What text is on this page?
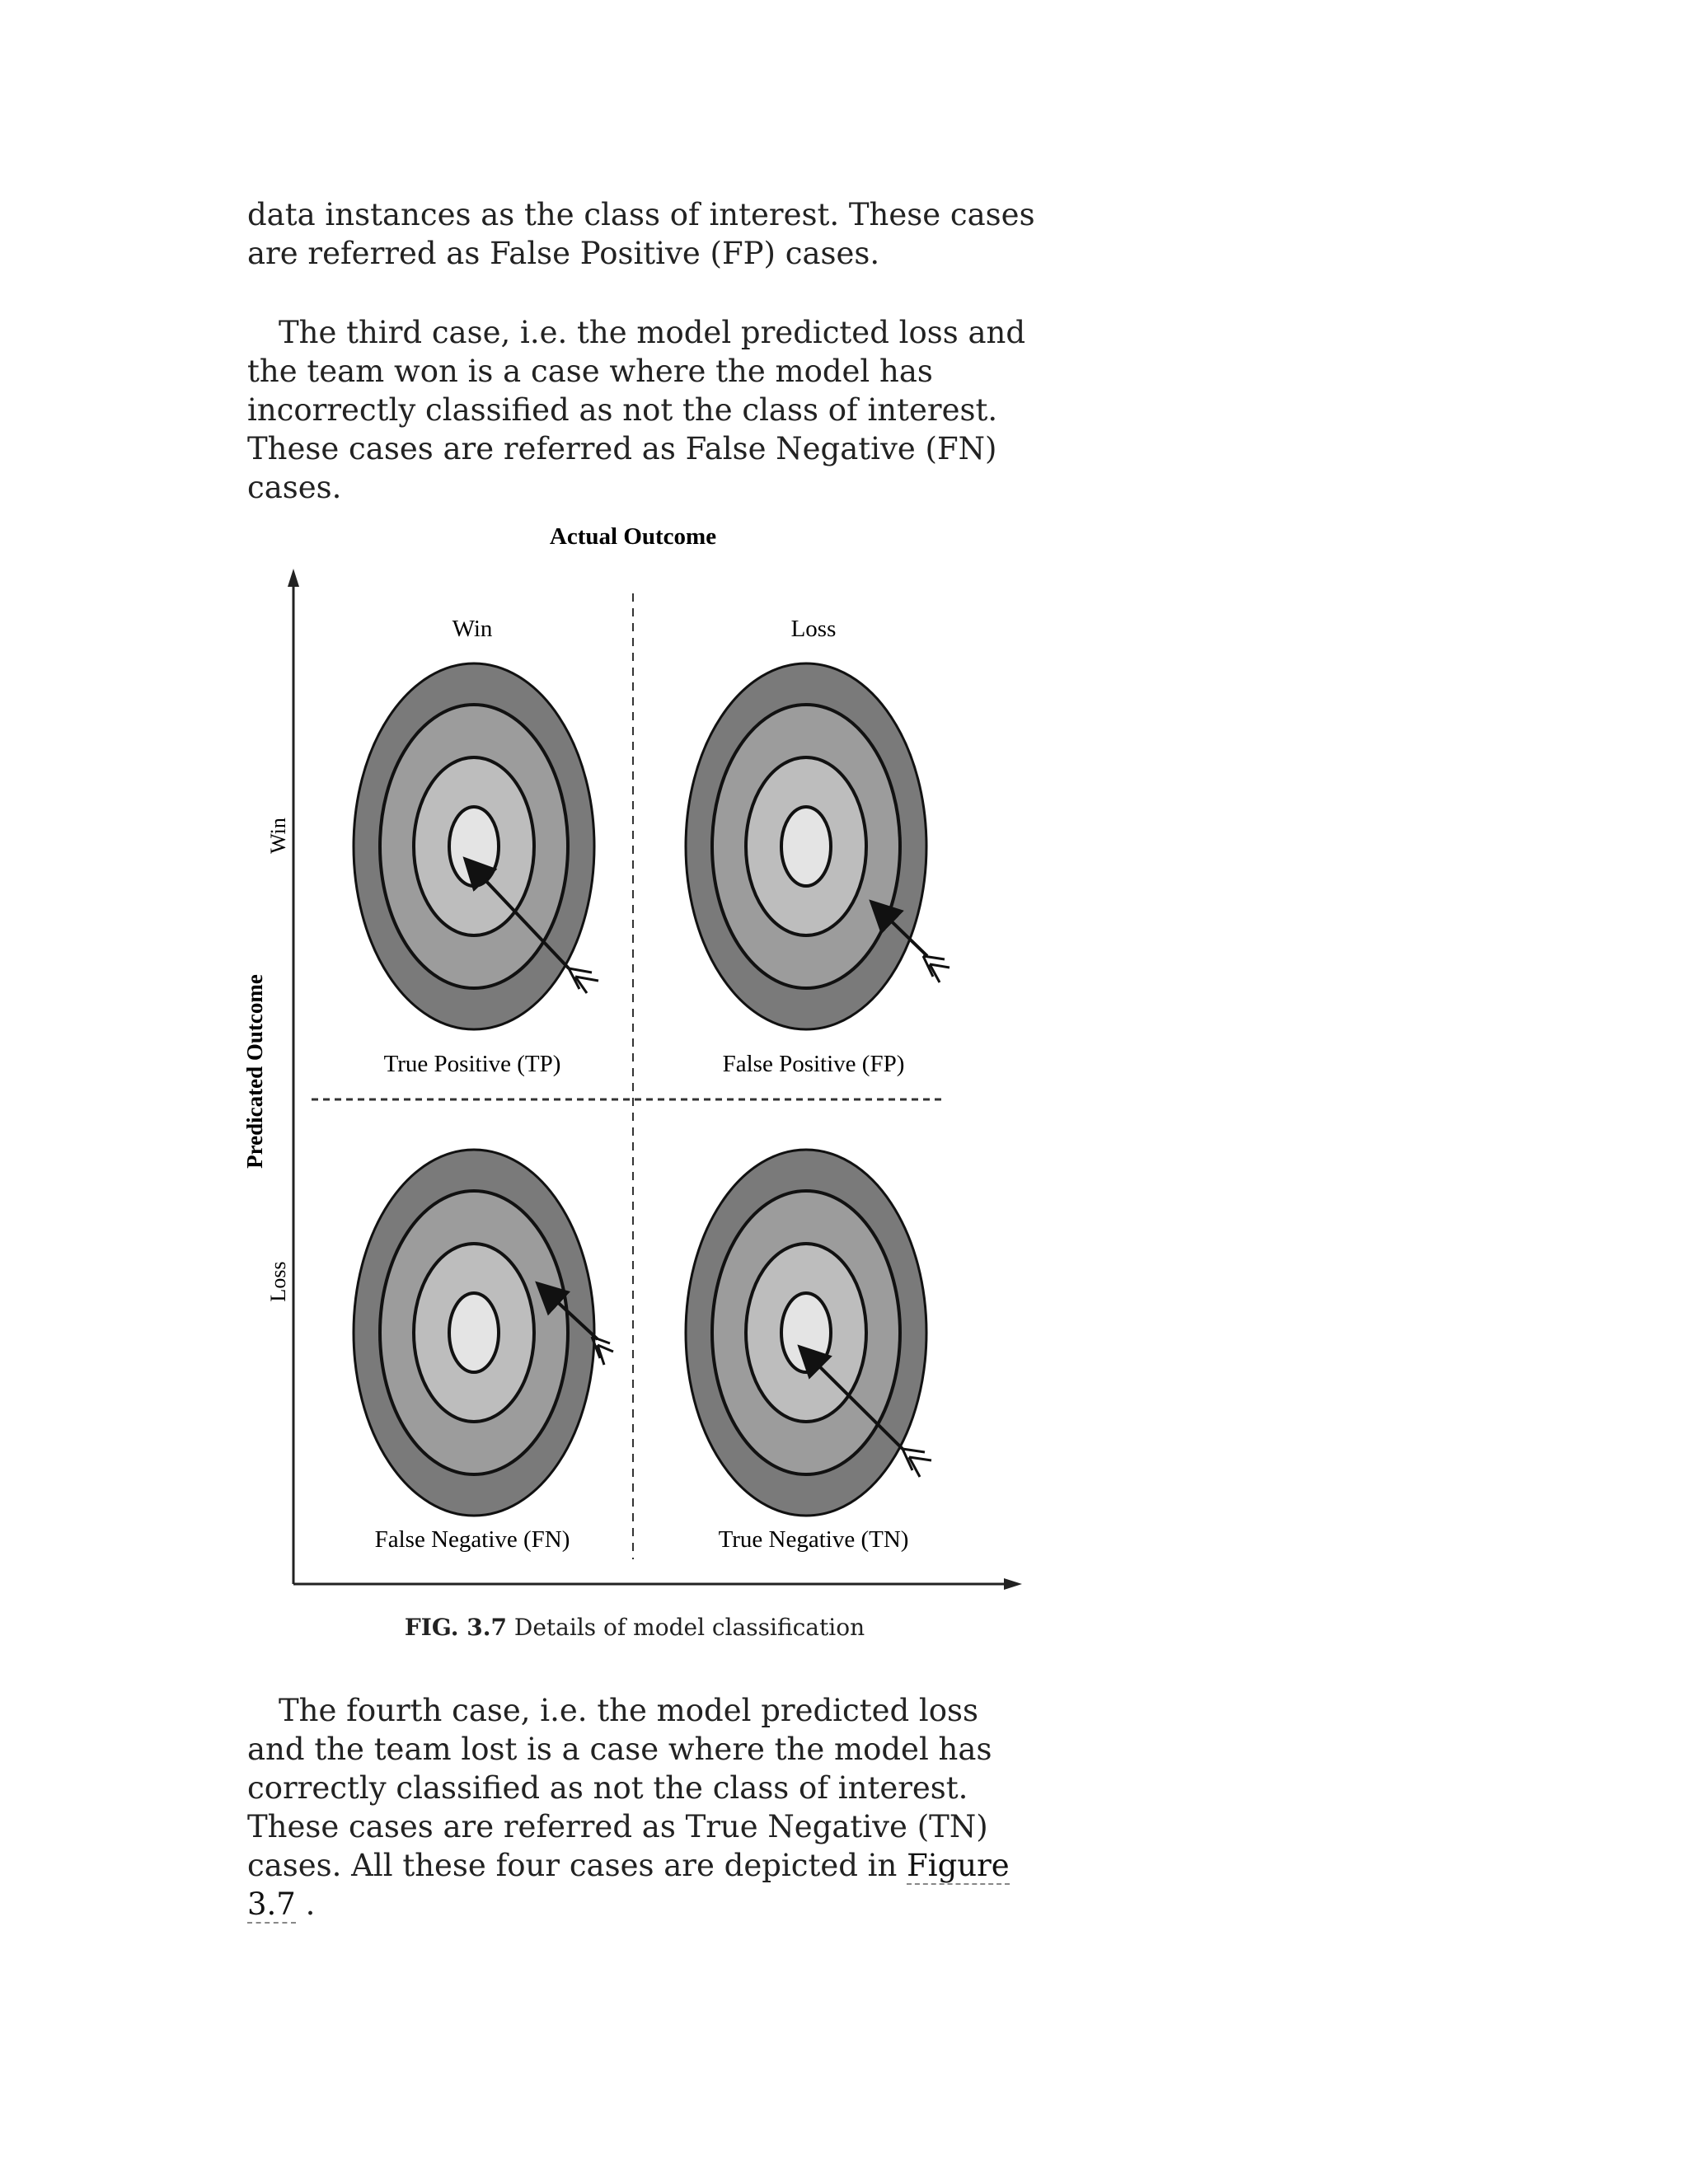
data instances as the class of interest. These cases are referred as False Positive (FP) cases.

The third case, i.e. the model predicted loss and the team won is a case where the model has incorrectly classified as not the class of interest. These cases are referred as False Negative (FN) cases.

Actual Outcome
Win	Loss
Predicated Outcome
Win
Loss
True Positive (TP)	False Positive (FP)
False Negative (FN)	True Negative (TN)
FIG. 3.7 Details of model classification

The fourth case, i.e. the model predicted loss and the team lost is a case where the model has correctly classified as not the class of interest. These cases are referred as True Negative (TN) cases. All these four cases are depicted in Figure 3.7 .
